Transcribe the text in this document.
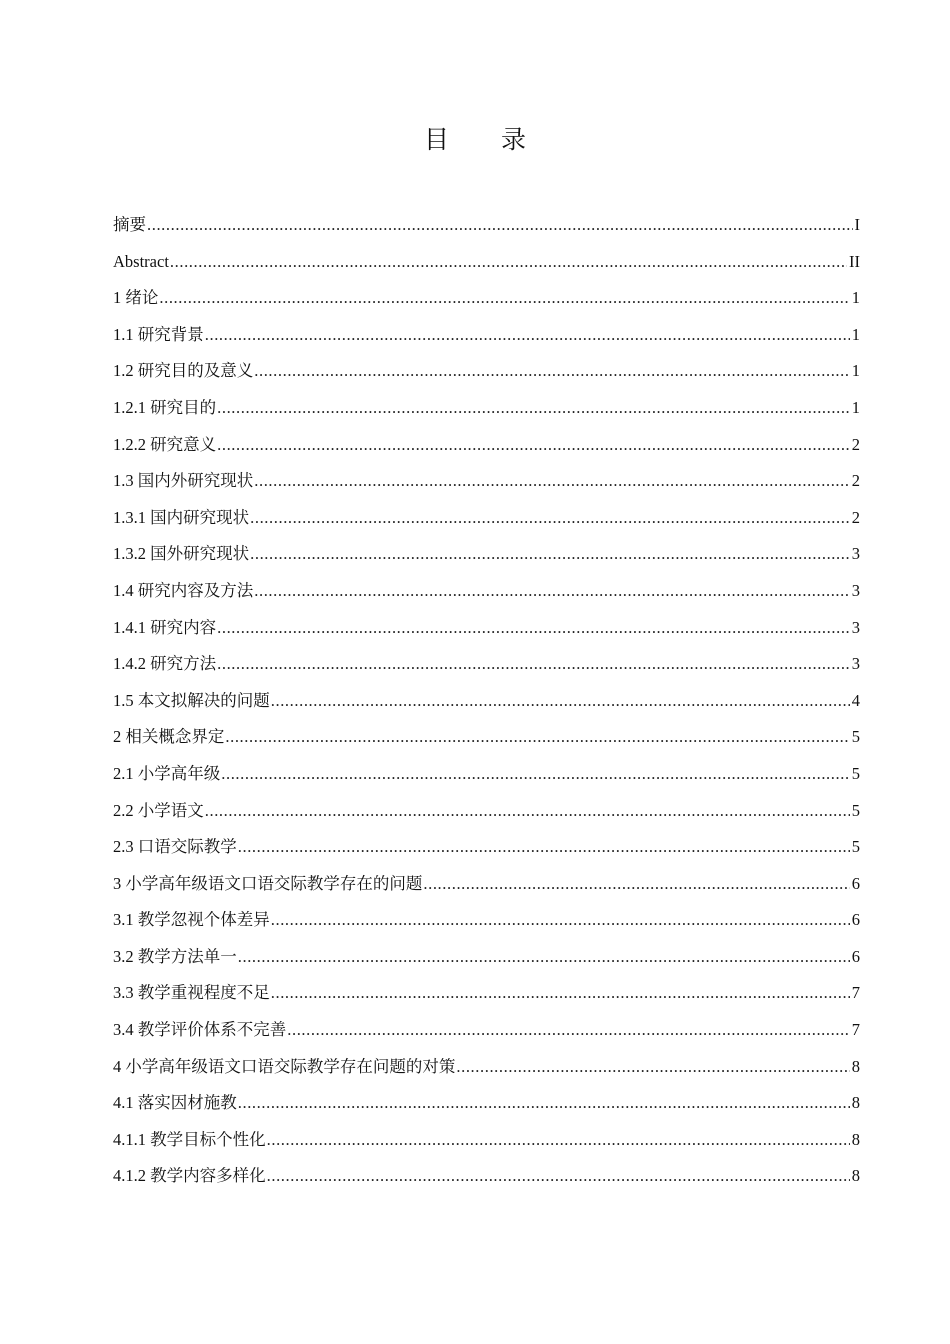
目 录
摘要 .....	I
Abstract .....	II
1 绪论 .....	1
1.1 研究背景 .....	1
1.2 研究目的及意义 .....	1
1.2.1 研究目的 .....	1
1.2.2 研究意义 .....	2
1.3 国内外研究现状 .....	2
1.3.1 国内研究现状 .....	2
1.3.2 国外研究现状 .....	3
1.4 研究内容及方法 .....	3
1.4.1 研究内容 .....	3
1.4.2 研究方法 .....	3
1.5 本文拟解决的问题 .....	4
2 相关概念界定 .....	5
2.1 小学高年级 .....	5
2.2 小学语文 .....	5
2.3 口语交际教学 .....	5
3 小学高年级语文口语交际教学存在的问题 .....	6
3.1 教学忽视个体差异 .....	6
3.2 教学方法单一 .....	6
3.3 教学重视程度不足 .....	7
3.4 教学评价体系不完善 .....	7
4 小学高年级语文口语交际教学存在问题的对策 .....	8
4.1 落实因材施教 .....	8
4.1.1 教学目标个性化 .....	8
4.1.2 教学内容多样化 .....	8
